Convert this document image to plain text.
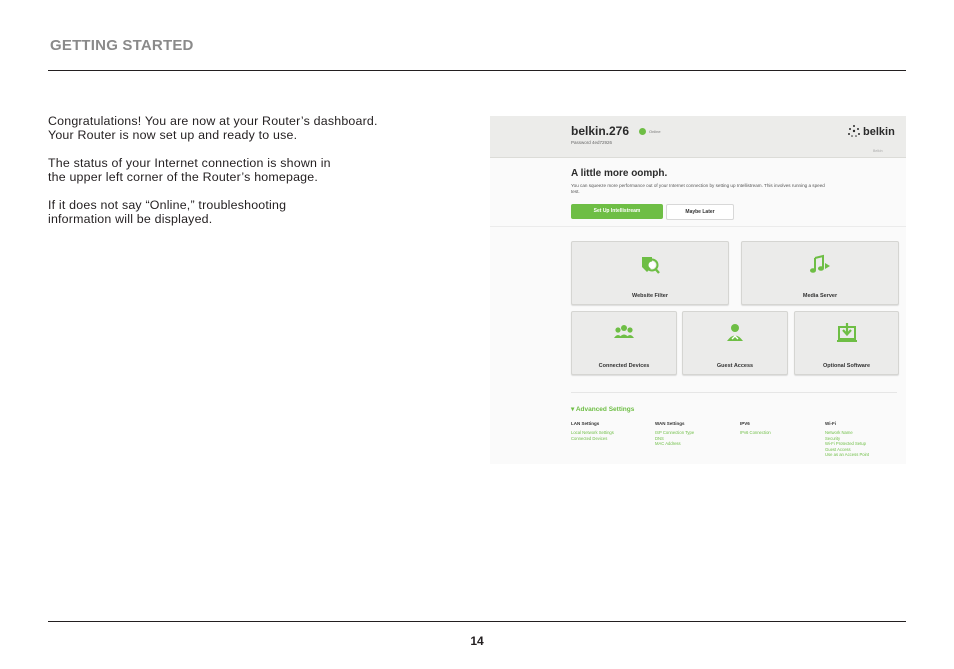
GETTING STARTED

Congratulations! You are now at your Router’s dashboard.
Your Router is now set up and ready to use.

The status of your Internet connection is shown in
the upper left corner of the Router’s homepage.

If it does not say “Online,” troubleshooting
information will be displayed.

belkin.276	Online
Password 4ed72926
belkin
Belkin
A little more oomph.
You can squeeze more performance out of your Internet connection by setting up Intellistream. This involves running a speed test.
Set Up Intellistream	Maybe Later
Website Filter	Media Server
Connected Devices	Guest Access	Optional Software
▾ Advanced Settings
LAN Settings
Local Network Settings
Connected Devices
WAN Settings
ISP Connection Type
DNS
MAC Address
IPV6
IPv6 Connection
Wi-Fi
Network Name
Security
Wi-Fi Protected Setup
Guest Access
Use as an Access Point
14
